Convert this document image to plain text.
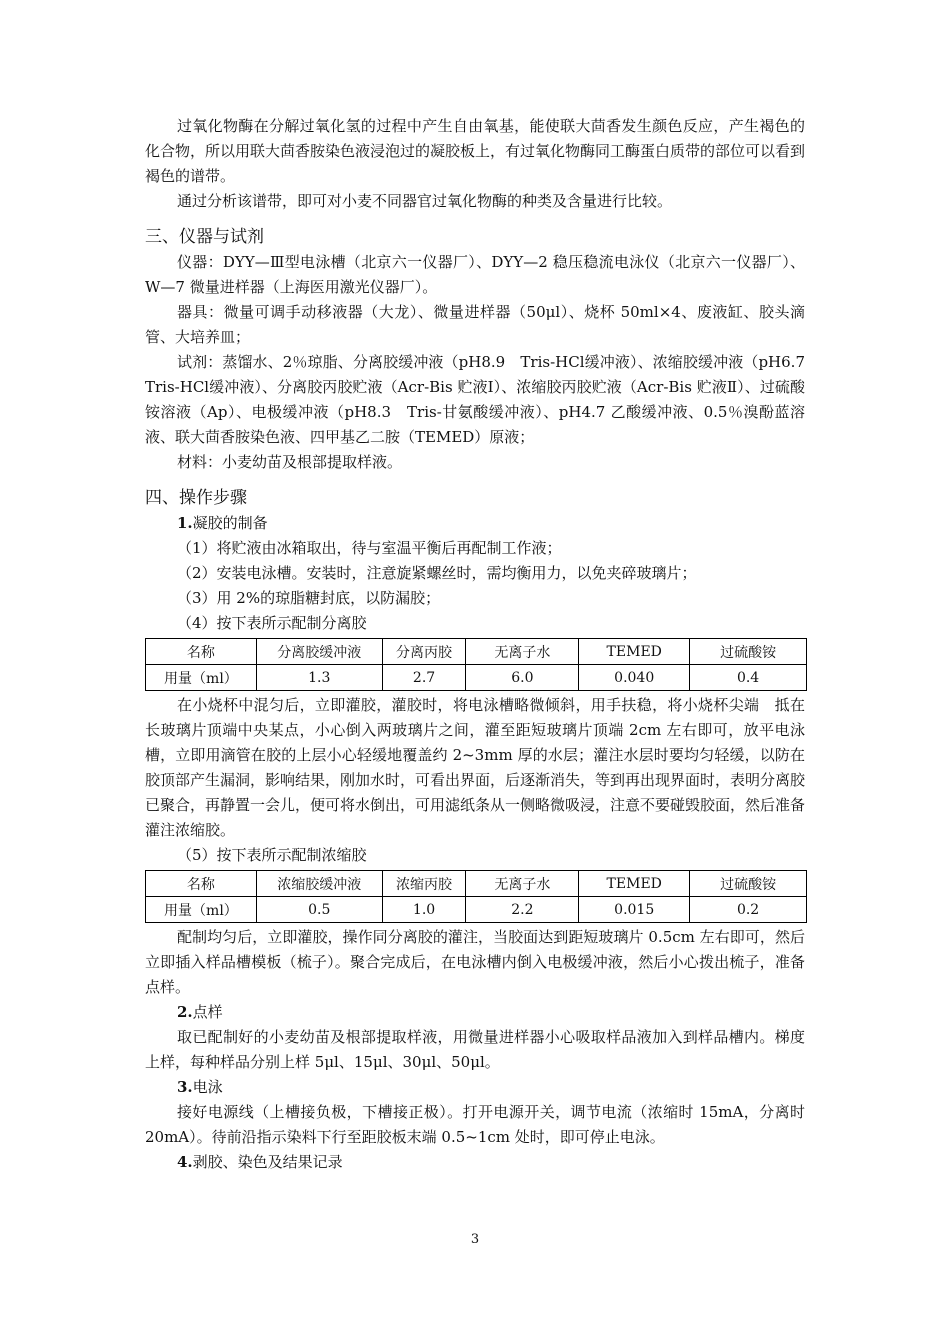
过氧化物酶在分解过氧化氢的过程中产生自由氧基，能使联大茴香发生颜色反应，产生褐色的化合物，所以用联大茴香胺染色液浸泡过的凝胶板上，有过氧化物酶同工酶蛋白质带的部位可以看到褐色的谱带。

通过分析该谱带，即可对小麦不同器官过氧化物酶的种类及含量进行比较。

三、仪器与试剂

仪器：DYY—Ⅲ型电泳槽（北京六一仪器厂）、DYY—2 稳压稳流电泳仪（北京六一仪器厂）、W—7 微量进样器（上海医用激光仪器厂）。

器具：微量可调手动移液器（大龙）、微量进样器（50μl）、烧杯 50ml×4、废液缸、胶头滴管、大培养皿；

试剂：蒸馏水、2％琼脂、分离胶缓冲液（pH8.9　Tris-HCl缓冲液）、浓缩胶缓冲液（pH6.7　Tris-HCl缓冲液）、分离胶丙胶贮液（Acr-Bis 贮液Ⅰ）、浓缩胶丙胶贮液（Acr-Bis 贮液Ⅱ）、过硫酸铵溶液（Ap）、电极缓冲液（pH8.3　Tris-甘氨酸缓冲液）、pH4.7 乙酸缓冲液、0.5％溴酚蓝溶液、联大茴香胺染色液、四甲基乙二胺（TEMED）原液；

材料：小麦幼苗及根部提取样液。

四、操作步骤

1.凝胶的制备

（1）将贮液由冰箱取出，待与室温平衡后再配制工作液；

（2）安装电泳槽。安装时，注意旋紧螺丝时，需均衡用力，以免夹碎玻璃片；

（3）用 2%的琼脂糖封底，以防漏胶；

（4）按下表所示配制分离胶

名称	分离胶缓冲液	分离丙胶	无离子水	TEMED	过硫酸铵
用量（ml）	1.3	2.7	6.0	0.040	0.4

在小烧杯中混匀后，立即灌胶，灌胶时，将电泳槽略微倾斜，用手扶稳，将小烧杯尖端　抵在长玻璃片顶端中央某点，小心倒入两玻璃片之间，灌至距短玻璃片顶端 2cm 左右即可，放平电泳槽，立即用滴管在胶的上层小心轻缓地覆盖约 2~3mm 厚的水层；灌注水层时要均匀轻缓，以防在胶顶部产生漏洞，影响结果，刚加水时，可看出界面，后逐渐消失，等到再出现界面时，表明分离胶已聚合，再静置一会儿，便可将水倒出，可用滤纸条从一侧略微吸浸，注意不要碰毁胶面，然后准备灌注浓缩胶。

（5）按下表所示配制浓缩胶

名称	浓缩胶缓冲液	浓缩丙胶	无离子水	TEMED	过硫酸铵
用量（ml）	0.5	1.0	2.2	0.015	0.2

配制均匀后，立即灌胶，操作同分离胶的灌注，当胶面达到距短玻璃片 0.5cm 左右即可，然后立即插入样品槽模板（梳子）。聚合完成后，在电泳槽内倒入电极缓冲液，然后小心拨出梳子，准备点样。

2.点样

取已配制好的小麦幼苗及根部提取样液，用微量进样器小心吸取样品液加入到样品槽内。梯度上样，每种样品分别上样 5μl、15μl、30μl、50μl。

3.电泳

接好电源线（上槽接负极，下槽接正极）。打开电源开关，调节电流（浓缩时 15mA，分离时 20mA）。待前沿指示染料下行至距胶板末端 0.5~1cm 处时，即可停止电泳。

4.剥胶、染色及结果记录

3
